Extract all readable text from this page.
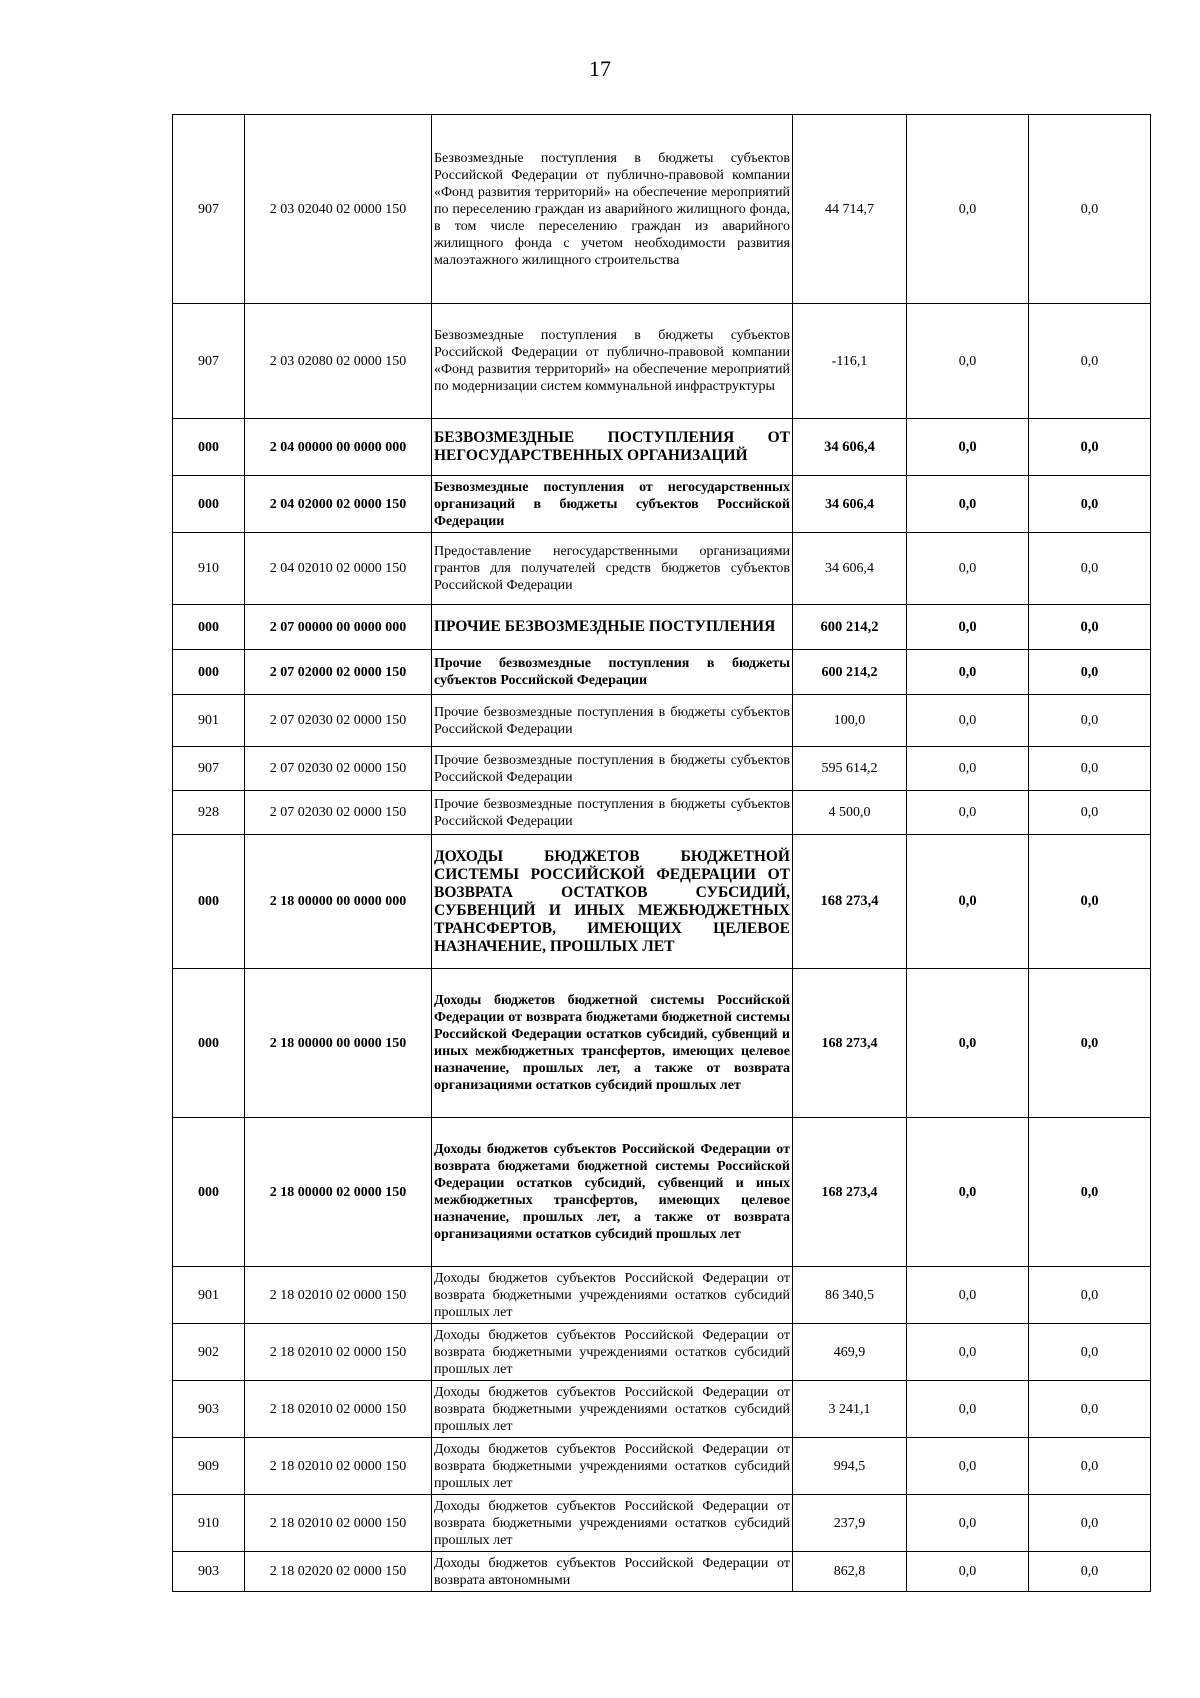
17
907	2 03 02040 02 0000 150	Безвозмездные поступления в бюджеты субъектов Российской Федерации от публично-правовой компании «Фонд развития территорий» на обеспечение мероприятий по переселению граждан из аварийного жилищного фонда, в том числе переселению граждан из аварийного жилищного фонда с учетом необходимости развития малоэтажного жилищного строительства	44 714,7	0,0	0,0
907	2 03 02080 02 0000 150	Безвозмездные поступления в бюджеты субъектов Российской Федерации от публично-правовой компании «Фонд развития территорий» на обеспечение мероприятий по модернизации систем коммунальной инфраструктуры	-116,1	0,0	0,0
000	2 04 00000 00 0000 000	БЕЗВОЗМЕЗДНЫЕ ПОСТУПЛЕНИЯ ОТ НЕГОСУДАРСТВЕННЫХ ОРГАНИЗАЦИЙ	34 606,4	0,0	0,0
000	2 04 02000 02 0000 150	Безвозмездные поступления от негосударственных организаций в бюджеты субъектов Российской Федерации	34 606,4	0,0	0,0
910	2 04 02010 02 0000 150	Предоставление негосударственными организациями грантов для получателей средств бюджетов субъектов Российской Федерации	34 606,4	0,0	0,0
000	2 07 00000 00 0000 000	ПРОЧИЕ БЕЗВОЗМЕЗДНЫЕ ПОСТУПЛЕНИЯ	600 214,2	0,0	0,0
000	2 07 02000 02 0000 150	Прочие безвозмездные поступления в бюджеты субъектов Российской Федерации	600 214,2	0,0	0,0
901	2 07 02030 02 0000 150	Прочие безвозмездные поступления в бюджеты субъектов Российской Федерации	100,0	0,0	0,0
907	2 07 02030 02 0000 150	Прочие безвозмездные поступления в бюджеты субъектов Российской Федерации	595 614,2	0,0	0,0
928	2 07 02030 02 0000 150	Прочие безвозмездные поступления в бюджеты субъектов Российской Федерации	4 500,0	0,0	0,0
000	2 18 00000 00 0000 000	ДОХОДЫ БЮДЖЕТОВ БЮДЖЕТНОЙ СИСТЕМЫ РОССИЙСКОЙ ФЕДЕРАЦИИ ОТ ВОЗВРАТА ОСТАТКОВ СУБСИДИЙ, СУБВЕНЦИЙ И ИНЫХ МЕЖБЮДЖЕТНЫХ ТРАНСФЕРТОВ, ИМЕЮЩИХ ЦЕЛЕВОЕ НАЗНАЧЕНИЕ, ПРОШЛЫХ ЛЕТ	168 273,4	0,0	0,0
000	2 18 00000 00 0000 150	Доходы бюджетов бюджетной системы Российской Федерации от возврата бюджетами бюджетной системы Российской Федерации остатков субсидий, субвенций и иных межбюджетных трансфертов, имеющих целевое назначение, прошлых лет, а также от возврата организациями остатков субсидий прошлых лет	168 273,4	0,0	0,0
000	2 18 00000 02 0000 150	Доходы бюджетов субъектов Российской Федерации от возврата бюджетами бюджетной системы Российской Федерации остатков субсидий, субвенций и иных межбюджетных трансфертов, имеющих целевое назначение, прошлых лет, а также от возврата организациями остатков субсидий прошлых лет	168 273,4	0,0	0,0
901	2 18 02010 02 0000 150	Доходы бюджетов субъектов Российской Федерации от возврата бюджетными учреждениями остатков субсидий прошлых лет	86 340,5	0,0	0,0
902	2 18 02010 02 0000 150	Доходы бюджетов субъектов Российской Федерации от возврата бюджетными учреждениями остатков субсидий прошлых лет	469,9	0,0	0,0
903	2 18 02010 02 0000 150	Доходы бюджетов субъектов Российской Федерации от возврата бюджетными учреждениями остатков субсидий прошлых лет	3 241,1	0,0	0,0
909	2 18 02010 02 0000 150	Доходы бюджетов субъектов Российской Федерации от возврата бюджетными учреждениями остатков субсидий прошлых лет	994,5	0,0	0,0
910	2 18 02010 02 0000 150	Доходы бюджетов субъектов Российской Федерации от возврата бюджетными учреждениями остатков субсидий прошлых лет	237,9	0,0	0,0
903	2 18 02020 02 0000 150	Доходы бюджетов субъектов Российской Федерации от возврата автономными	862,8	0,0	0,0
